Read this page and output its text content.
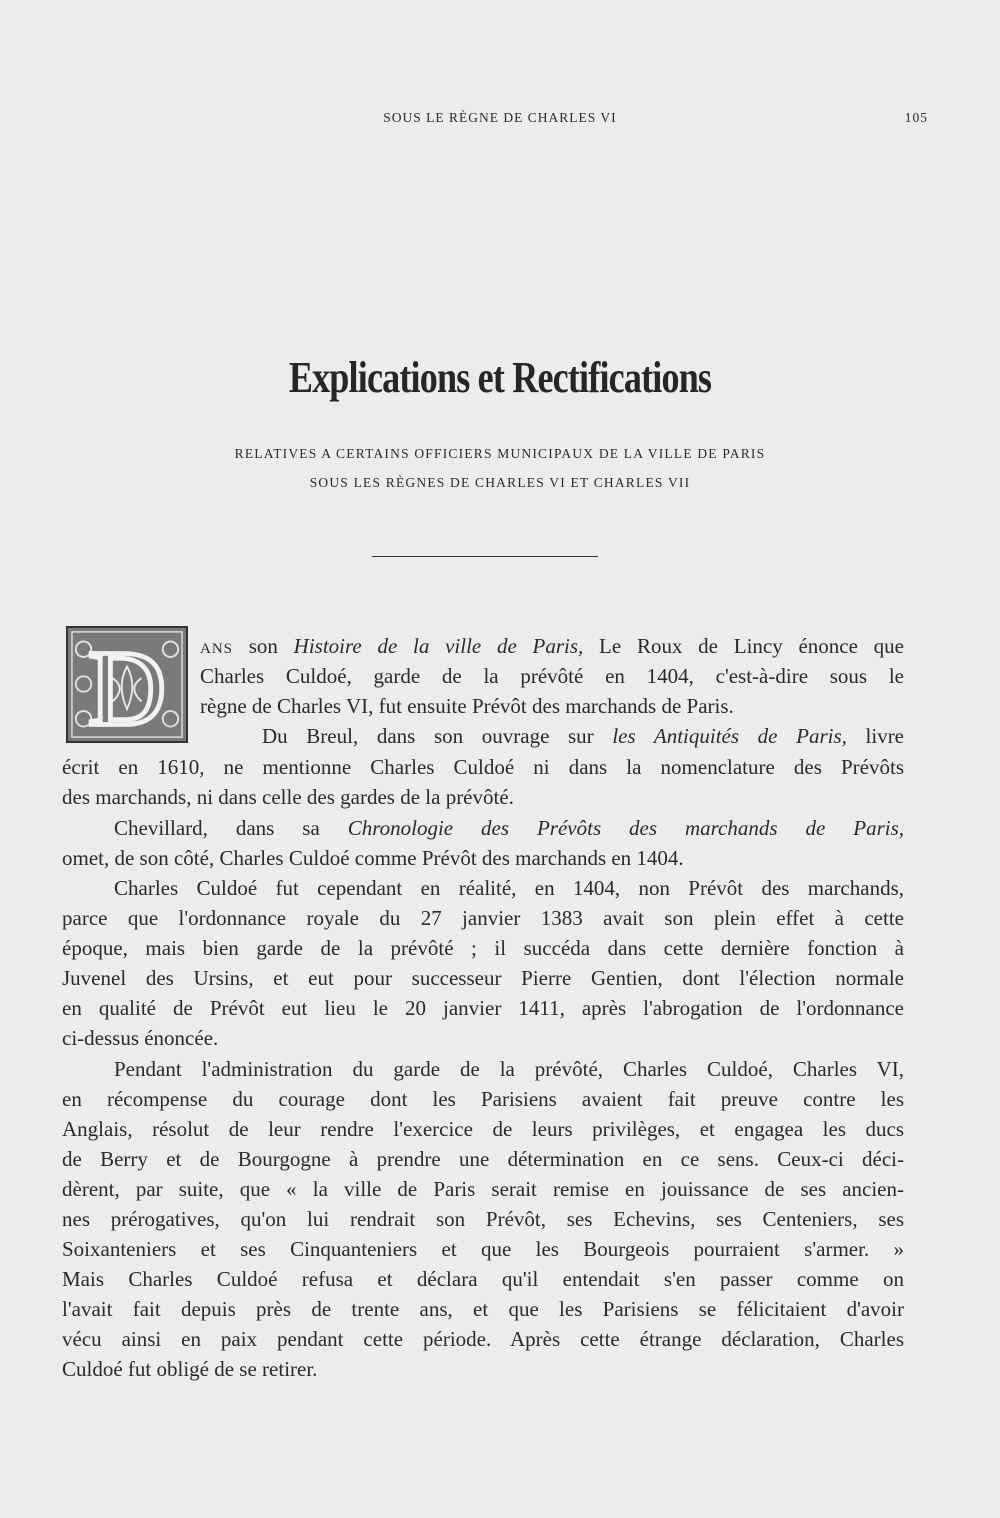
SOUS LE RÈGNE DE CHARLES VI	105
Explications et Rectifications
RELATIVES A CERTAINS OFFICIERS MUNICIPAUX DE LA VILLE DE PARIS
SOUS LES RÈGNES DE CHARLES VI ET CHARLES VII
D ANS son Histoire de la ville de Paris, Le Roux de Lincy énonce que
Charles Culdoé, garde de la prévôté en 1404, c'est-à-dire sous le
règne de Charles VI, fut ensuite Prévôt des marchands de Paris.
Du Breul, dans son ouvrage sur les Antiquités de Paris, livre
écrit en 1610, ne mentionne Charles Culdoé ni dans la nomenclature des Prévôts
des marchands, ni dans celle des gardes de la prévôté.
Chevillard, dans sa Chronologie des Prévôts des marchands de Paris,
omet, de son côté, Charles Culdoé comme Prévôt des marchands en 1404.
Charles Culdoé fut cependant en réalité, en 1404, non Prévôt des marchands,
parce que l'ordonnance royale du 27 janvier 1383 avait son plein effet à cette
époque, mais bien garde de la prévôté ; il succéda dans cette dernière fonction à
Juvenel des Ursins, et eut pour successeur Pierre Gentien, dont l'élection normale
en qualité de Prévôt eut lieu le 20 janvier 1411, après l'abrogation de l'ordonnance
ci-dessus énoncée.
Pendant l'administration du garde de la prévôté, Charles Culdoé, Charles VI,
en récompense du courage dont les Parisiens avaient fait preuve contre les
Anglais, résolut de leur rendre l'exercice de leurs privilèges, et engagea les ducs
de Berry et de Bourgogne à prendre une détermination en ce sens. Ceux-ci déci-
dèrent, par suite, que « la ville de Paris serait remise en jouissance de ses ancien-
nes prérogatives, qu'on lui rendrait son Prévôt, ses Echevins, ses Centeniers, ses
Soixanteniers et ses Cinquanteniers et que les Bourgeois pourraient s'armer. »
Mais Charles Culdoé refusa et déclara qu'il entendait s'en passer comme on
l'avait fait depuis près de trente ans, et que les Parisiens se félicitaient d'avoir
vécu ainsi en paix pendant cette période. Après cette étrange déclaration, Charles
Culdoé fut obligé de se retirer.
